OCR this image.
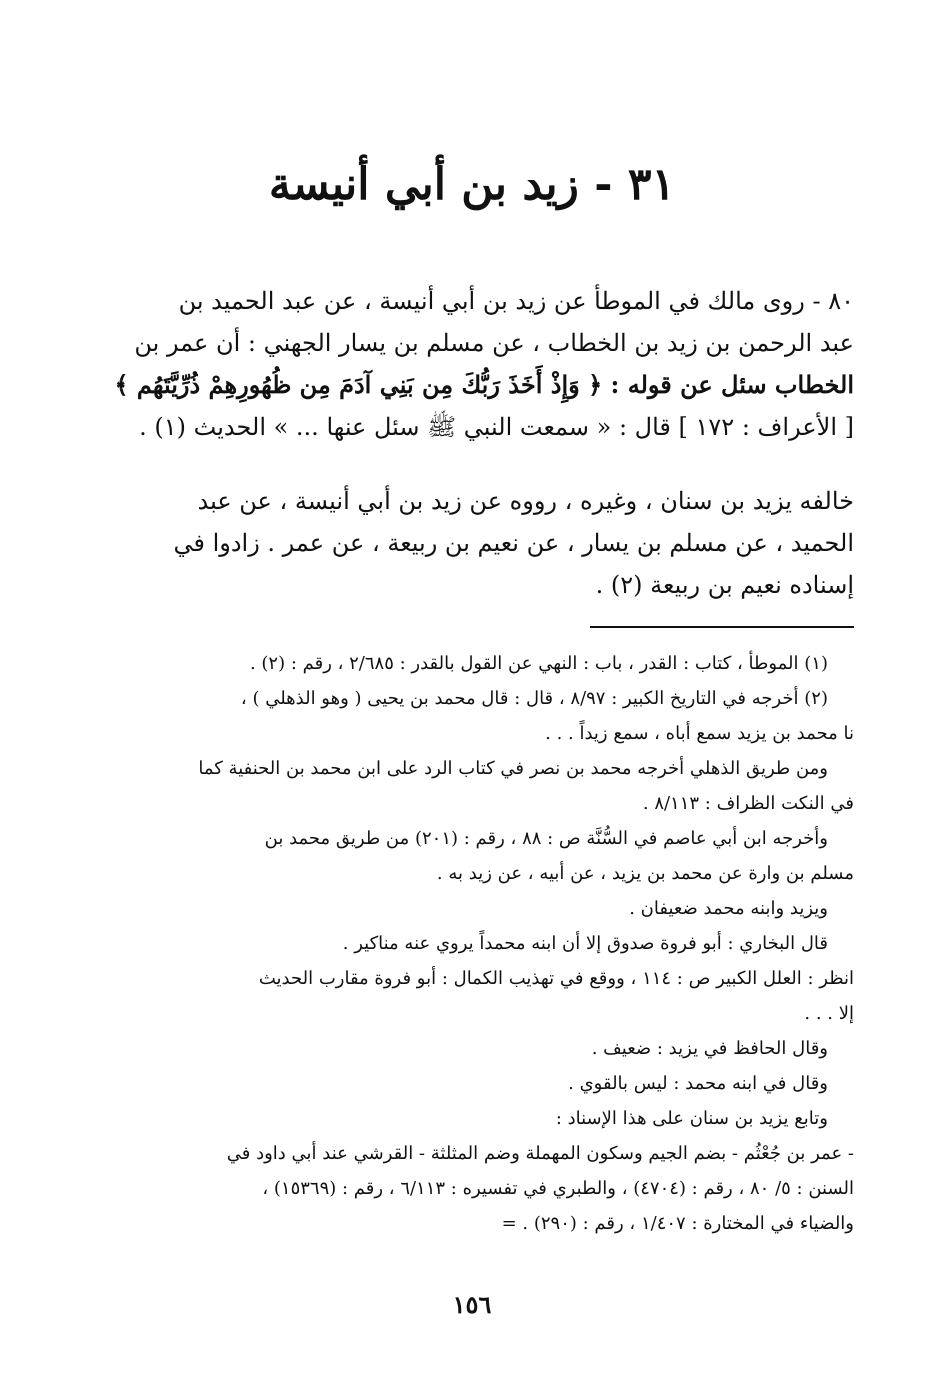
٣١ - زيد بن أبي أنيسة
٨٠ - روى مالك في الموطأ عن زيد بن أبي أنيسة ، عن عبد الحميد بن
عبد الرحمن بن زيد بن الخطاب ، عن مسلم بن يسار الجهني : أن عمر بن
الخطاب سئل عن قوله : ﴿ وَإِذْ أَخَذَ رَبُّكَ مِن بَنِي آدَمَ مِن ظُهُورِهِمْ ذُرِّيَّتَهُم ﴾
[ الأعراف : ١٧٢ ] قال : « سمعت النبي ﷺ سئل عنها ... » الحديث (١) .
خالفه يزيد بن سنان ، وغيره ، رووه عن زيد بن أبي أنيسة ، عن عبد
الحميد ، عن مسلم بن يسار ، عن نعيم بن ربيعة ، عن عمر . زادوا في
إسناده نعيم بن ربيعة (٢) .
(١) الموطأ ، كتاب : القدر ، باب : النهي عن القول بالقدر : ٢/٦٨٥ ، رقم : (٢) .
(٢) أخرجه في التاريخ الكبير : ٨/٩٧ ، قال : قال محمد بن يحيى ( وهو الذهلي ) ،
نا محمد بن يزيد سمع أباه ، سمع زيداً . . .
ومن طريق الذهلي أخرجه محمد بن نصر في كتاب الرد على ابن محمد بن الحنفية كما
في النكت الظراف : ٨/١١٣ .
وأخرجه ابن أبي عاصم في السُّنَّة ص : ٨٨ ، رقم : (٢٠١) من طريق محمد بن
مسلم بن وارة عن محمد بن يزيد ، عن أبيه ، عن زيد به .
ويزيد وابنه محمد ضعيفان .
قال البخاري : أبو فروة صدوق إلا أن ابنه محمداً يروي عنه مناكير .
انظر : العلل الكبير ص : ١١٤ ، ووقع في تهذيب الكمال : أبو فروة مقارب الحديث
إلا . . .
وقال الحافظ في يزيد : ضعيف .
وقال في ابنه محمد : ليس بالقوي .
وتابع يزيد بن سنان على هذا الإسناد :
- عمر بن جُعْثُم - بضم الجيم وسكون المهملة وضم المثلثة - القرشي عند أبي داود في
السنن : ٥/ ٨٠ ، رقم : (٤٧٠٤) ، والطبري في تفسيره : ٦/١١٣ ، رقم : (١٥٣٦٩) ،
والضياء في المختارة : ١/٤٠٧ ، رقم : (٢٩٠) . =
١٥٦
